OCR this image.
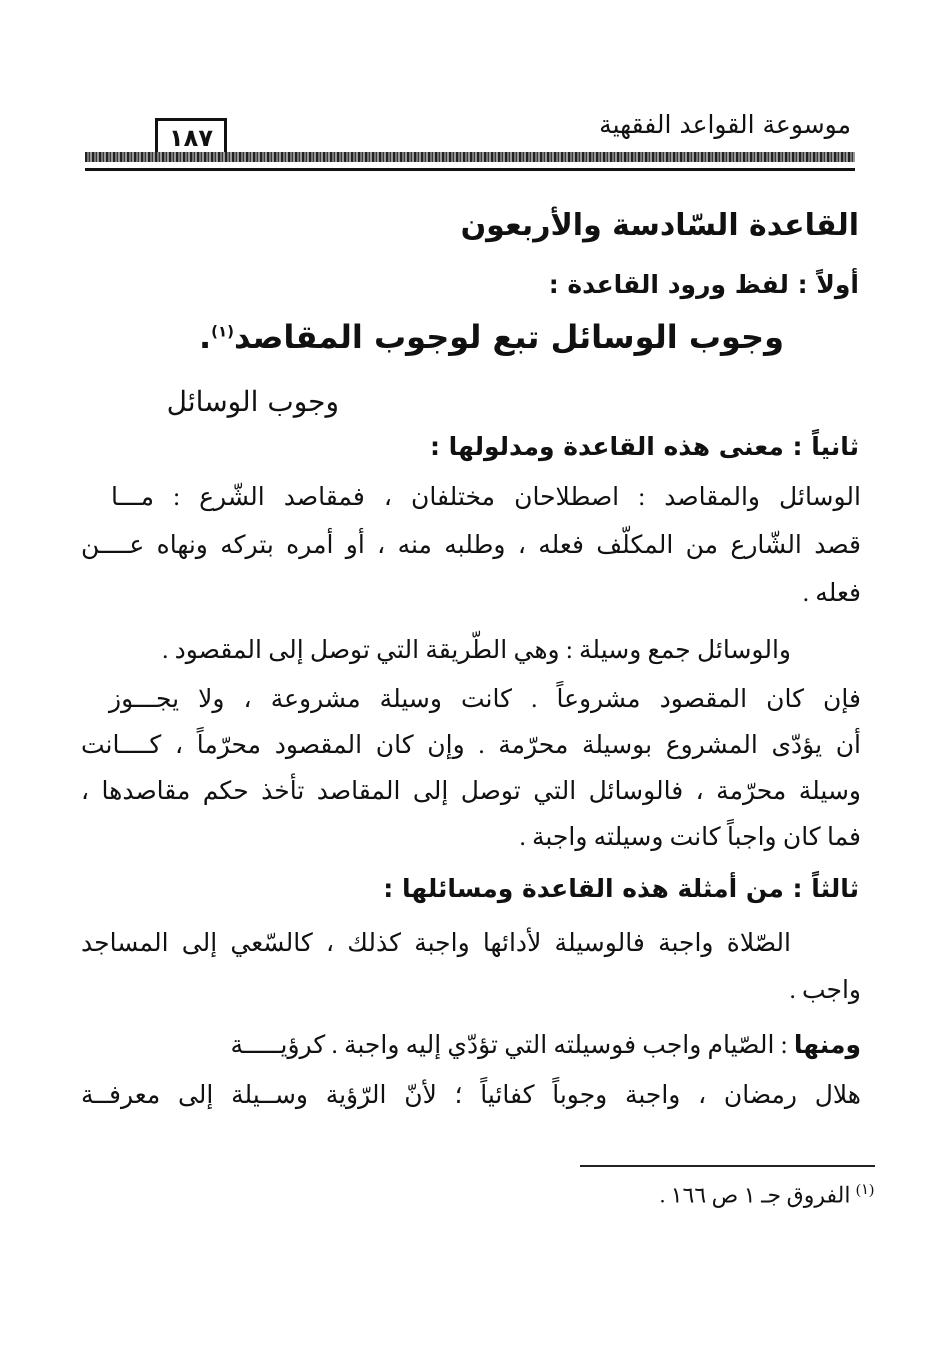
موسوعة القواعد الفقهية
١٨٧
القاعدة السّادسة والأربعون
أولاً : لفظ ورود القاعدة :
وجوب الوسائل تبع لوجوب المقاصد$^{(١)}$.
وجوب الوسائل
ثانياً : معنى هذه القاعدة ومدلولها :
الوسائل والمقاصد : اصطلاحان مختلفان ، فمقاصد الشّرع : مـــا
قصد الشّارع من المكلّف فعله ، وطلبه منه ، أو أمره بتركه ونهاه عــــن
فعله .
والوسائل جمع وسيلة : وهي الطّريقة التي توصل إلى المقصود .
فإن كان المقصود مشروعاً . كانت وسيلة مشروعة ، ولا يجـــوز
أن يؤدّى المشروع بوسيلة محرّمة . وإن كان المقصود محرّماً ، كــــانت
وسيلة محرّمة ، فالوسائل التي توصل إلى المقاصد تأخذ حكم مقاصدها ،
فما كان واجباً كانت وسيلته واجبة .
ثالثاً : من أمثلة هذه القاعدة ومسائلها :
الصّلاة واجبة فالوسيلة لأدائها واجبة كذلك ، كالسّعي إلى المساجد
واجب .
ومنها : الصّيام واجب فوسيلته التي تؤدّي إليه واجبة . كرؤيـــــة
هلال رمضان ، واجبة وجوباً كفائياً ؛ لأنّ الرّؤية وســيلة إلى معرفــة
$^{(١)}$ الفروق جـ ١ ص ١٦٦ .
